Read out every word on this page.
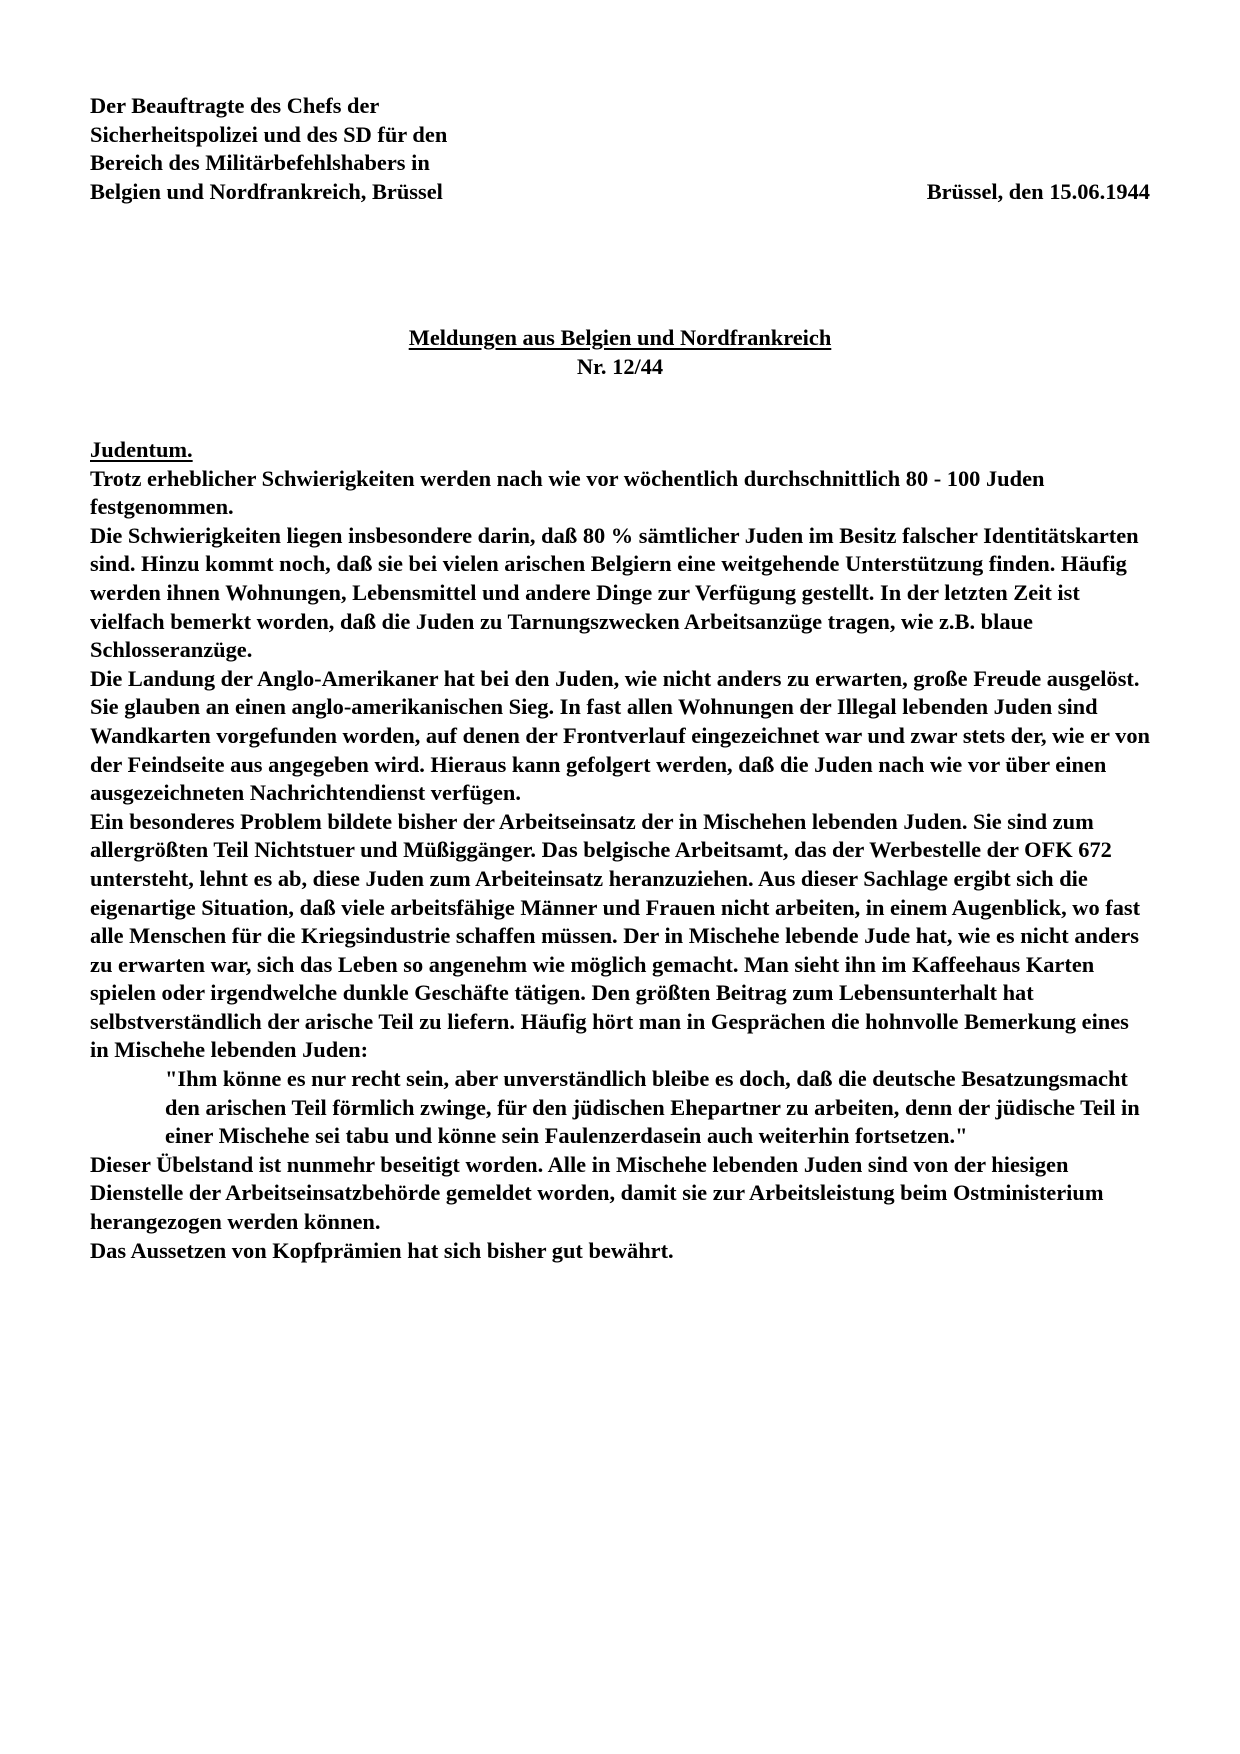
Der Beauftragte des Chefs der
Sicherheitspolizei und des SD für den
Bereich des Militärbefehlshabers in
Belgien und Nordfrankreich, Brüssel	Brüssel, den 15.06.1944
Meldungen aus Belgien und Nordfrankreich
Nr. 12/44

Judentum.

Trotz erheblicher Schwierigkeiten werden nach wie vor wöchentlich durchschnittlich 80 - 100 Juden festgenommen.

Die Schwierigkeiten liegen insbesondere darin, daß 80 % sämtlicher Juden im Besitz falscher Identitätskarten sind. Hinzu kommt noch, daß sie bei vielen arischen Belgiern eine weitgehende Unterstützung finden. Häufig werden ihnen Wohnungen, Lebensmittel und andere Dinge zur Verfügung gestellt. In der letzten Zeit ist vielfach bemerkt worden, daß die Juden zu Tarnungszwecken Arbeitsanzüge tragen, wie z.B. blaue Schlosseranzüge.

Die Landung der Anglo-Amerikaner hat bei den Juden, wie nicht anders zu erwarten, große Freude ausgelöst. Sie glauben an einen anglo-amerikanischen Sieg. In fast allen Wohnungen der Illegal lebenden Juden sind Wandkarten vorgefunden worden, auf denen der Frontverlauf eingezeichnet war und zwar stets der, wie er von der Feindseite aus angegeben wird. Hieraus kann gefolgert werden, daß die Juden nach wie vor über einen ausgezeichneten Nachrichtendienst verfügen.

Ein besonderes Problem bildete bisher der Arbeitseinsatz der in Mischehen lebenden Juden. Sie sind zum allergrößten Teil Nichtstuer und Müßiggänger. Das belgische Arbeitsamt, das der Werbestelle der OFK 672 untersteht, lehnt es ab, diese Juden zum Arbeiteinsatz heranzuziehen. Aus dieser Sachlage ergibt sich die eigenartige Situation, daß viele arbeitsfähige Männer und Frauen nicht arbeiten, in einem Augenblick, wo fast alle Menschen für die Kriegsindustrie schaffen müssen. Der in Mischehe lebende Jude hat, wie es nicht anders zu erwarten war, sich das Leben so angenehm wie möglich gemacht. Man sieht ihn im Kaffeehaus Karten spielen oder irgendwelche dunkle Geschäfte tätigen. Den größten Beitrag zum Lebensunterhalt hat selbstverständlich der arische Teil zu liefern. Häufig hört man in Gesprächen die hohnvolle Bemerkung eines in Mischehe lebenden Juden:

"Ihm könne es nur recht sein, aber unverständlich bleibe es doch, daß die deutsche Besatzungsmacht den arischen Teil förmlich zwinge, für den jüdischen Ehepartner zu arbeiten, denn der jüdische Teil in einer Mischehe sei tabu und könne sein Faulenzerdasein auch weiterhin fortsetzen."

Dieser Übelstand ist nunmehr beseitigt worden. Alle in Mischehe lebenden Juden sind von der hiesigen Dienstelle der Arbeitseinsatzbehörde gemeldet worden, damit sie zur Arbeitsleistung beim Ostministerium herangezogen werden können.

Das Aussetzen von Kopfprämien hat sich bisher gut bewährt.
